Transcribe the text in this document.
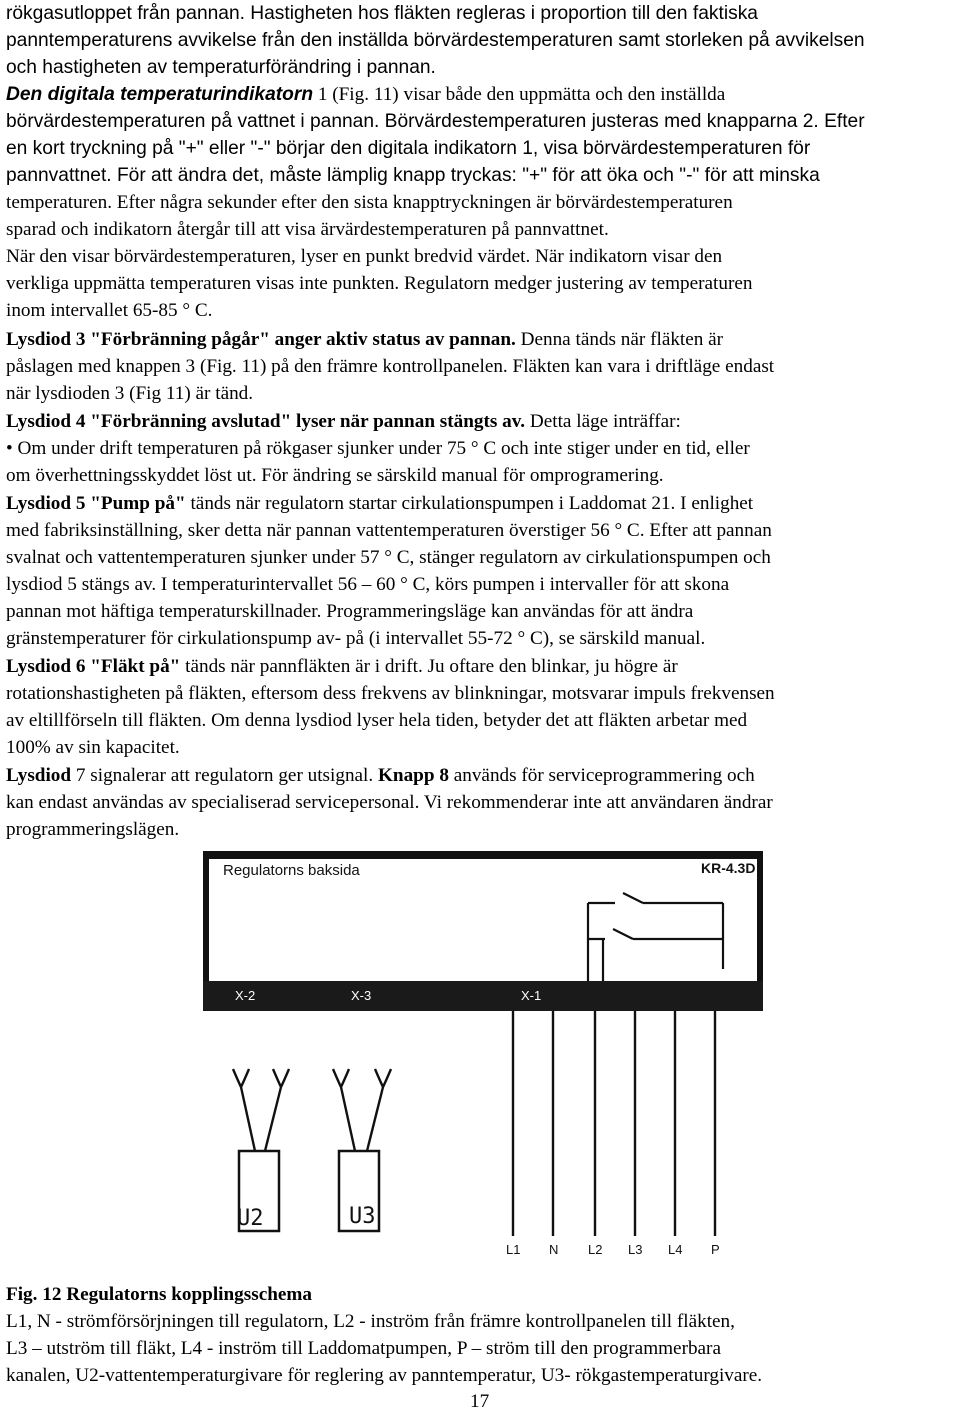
rökgasutloppet från pannan. Hastigheten hos fläkten regleras i proportion till den faktiska
panntemperaturens avvikelse från den inställda börvärdestemperaturen samt storleken på avvikelsen
och hastigheten av temperaturförändring i pannan.
Den digitala temperaturindikatorn 1 (Fig. 11) visar både den uppmätta och den inställda
börvärdestemperaturen på vattnet i pannan. Börvärdestemperaturen justeras med knapparna 2. Efter
en kort tryckning på "+" eller "-" börjar den digitala indikatorn 1, visa börvärdestemperaturen för
pannvattnet. För att ändra det, måste lämplig knapp tryckas: "+" för att öka och "-" för att minska
temperaturen. Efter några sekunder efter den sista knapptryckningen är börvärdestemperaturen
sparad och indikatorn återgår till att visa ärvärdestemperaturen på pannvattnet.
När den visar börvärdestemperaturen, lyser en punkt bredvid värdet. När indikatorn visar den
verkliga uppmätta temperaturen visas inte punkten. Regulatorn medger justering av temperaturen
inom intervallet 65-85 ° C.
Lysdiod 3 "Förbränning pågår" anger aktiv status av pannan. Denna tänds när fläkten är
påslagen med knappen 3 (Fig. 11) på den främre kontrollpanelen. Fläkten kan vara i driftläge endast
när lysdioden 3 (Fig 11) är tänd.
Lysdiod 4 "Förbränning avslutad" lyser när pannan stängts av. Detta läge inträffar:
• Om under drift temperaturen på rökgaser sjunker under 75 ° C och inte stiger under en tid, eller
om överhettningsskyddet löst ut. För ändring se särskild manual för omprogramering.
Lysdiod 5 "Pump på" tänds när regulatorn startar cirkulationspumpen i Laddomat 21. I enlighet
med fabriksinställning, sker detta när pannan vattentemperaturen överstiger 56 ° C. Efter att pannan
svalnat och vattentemperaturen sjunker under 57 ° C, stänger regulatorn av cirkulationspumpen och
lysdiod 5 stängs av. I temperaturintervallet 56 – 60 ° C, körs pumpen i intervaller för att skona
pannan mot häftiga temperaturskillnader. Programmeringsläge kan användas för att ändra
gränstemperaturer för cirkulationspump av- på (i intervallet 55-72 ° C), se särskild manual.
Lysdiod 6 "Fläkt på" tänds när pannfläkten är i drift. Ju oftare den blinkar, ju högre är
rotationshastigheten på fläkten, eftersom dess frekvens av blinkningar, motsvarar impuls frekvensen
av eltillförseln till fläkten. Om denna lysdiod lyser hela tiden, betyder det att fläkten arbetar med
100% av sin kapacitet.
Lysdiod 7 signalerar att regulatorn ger utsignal. Knapp 8 används för serviceprogrammering och
kan endast användas av specialiserad servicepersonal. Vi rekommenderar inte att användaren ändrar
programmeringslägen.
Regulatorns baksida	KR-4.3D
X-2	X-3	X-1
U2	U3
L1 N L2 L3 L4 P
Fig. 12 Regulatorns kopplingsschema
L1, N - strömförsörjningen till regulatorn, L2 - inström från främre kontrollpanelen till fläkten,
L3 – utström till fläkt, L4 - inström till Laddomatpumpen, P – ström till den programmerbara
kanalen, U2-vattentemperaturgivare för reglering av panntemperatur, U3- rökgastemperaturgivare.
17
